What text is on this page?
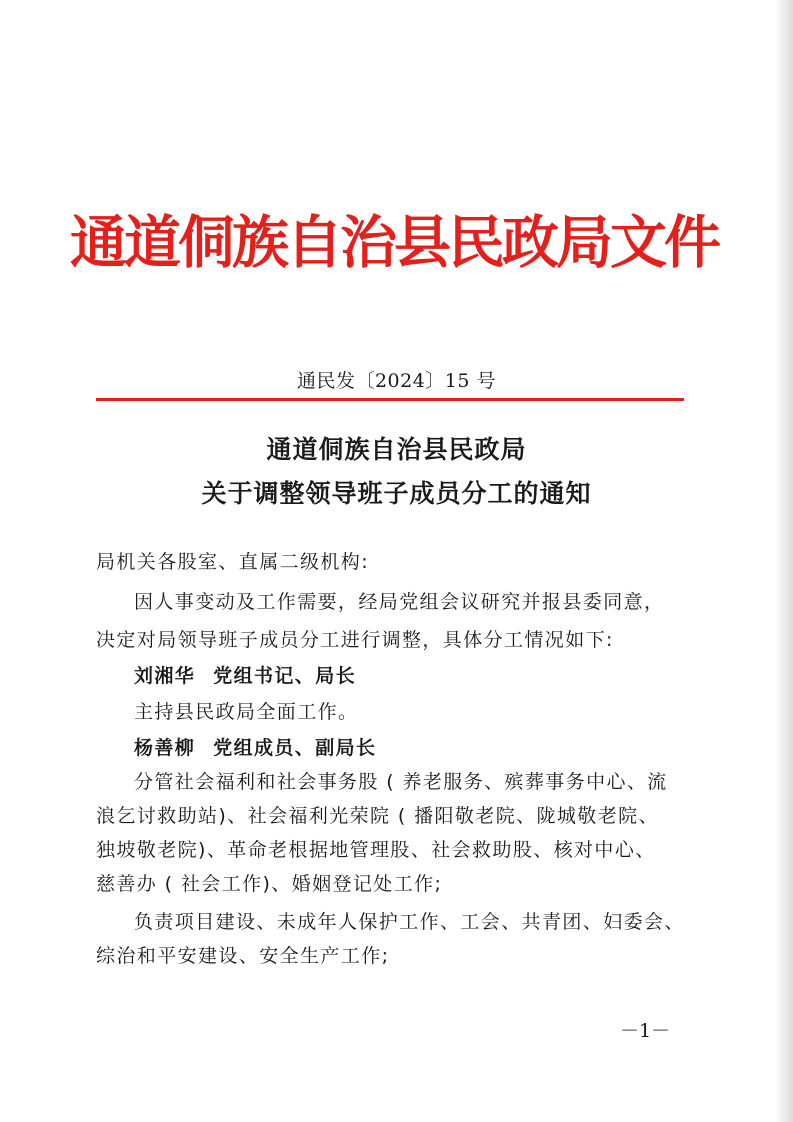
通道侗族自治县民政局文件
通民发〔2024〕15 号
通道侗族自治县民政局
关于调整领导班子成员分工的通知
局机关各股室、直属二级机构:
因人事变动及工作需要，经局党组会议研究并报县委同意，
决定对局领导班子成员分工进行调整，具体分工情况如下:
刘湘华 党组书记、局长
主持县民政局全面工作。
杨善柳 党组成员、副局长
分管社会福利和社会事务股 ( 养老服务、殡葬事务中心、流
浪乞讨救助站)、社会福利光荣院 ( 播阳敬老院、陇城敬老院、
独坡敬老院)、革命老根据地管理股、社会救助股、核对中心、
慈善办 ( 社会工作)、婚姻登记处工作;
负责项目建设、未成年人保护工作、工会、共青团、妇委会、
综治和平安建设、安全生产工作;
－1－
